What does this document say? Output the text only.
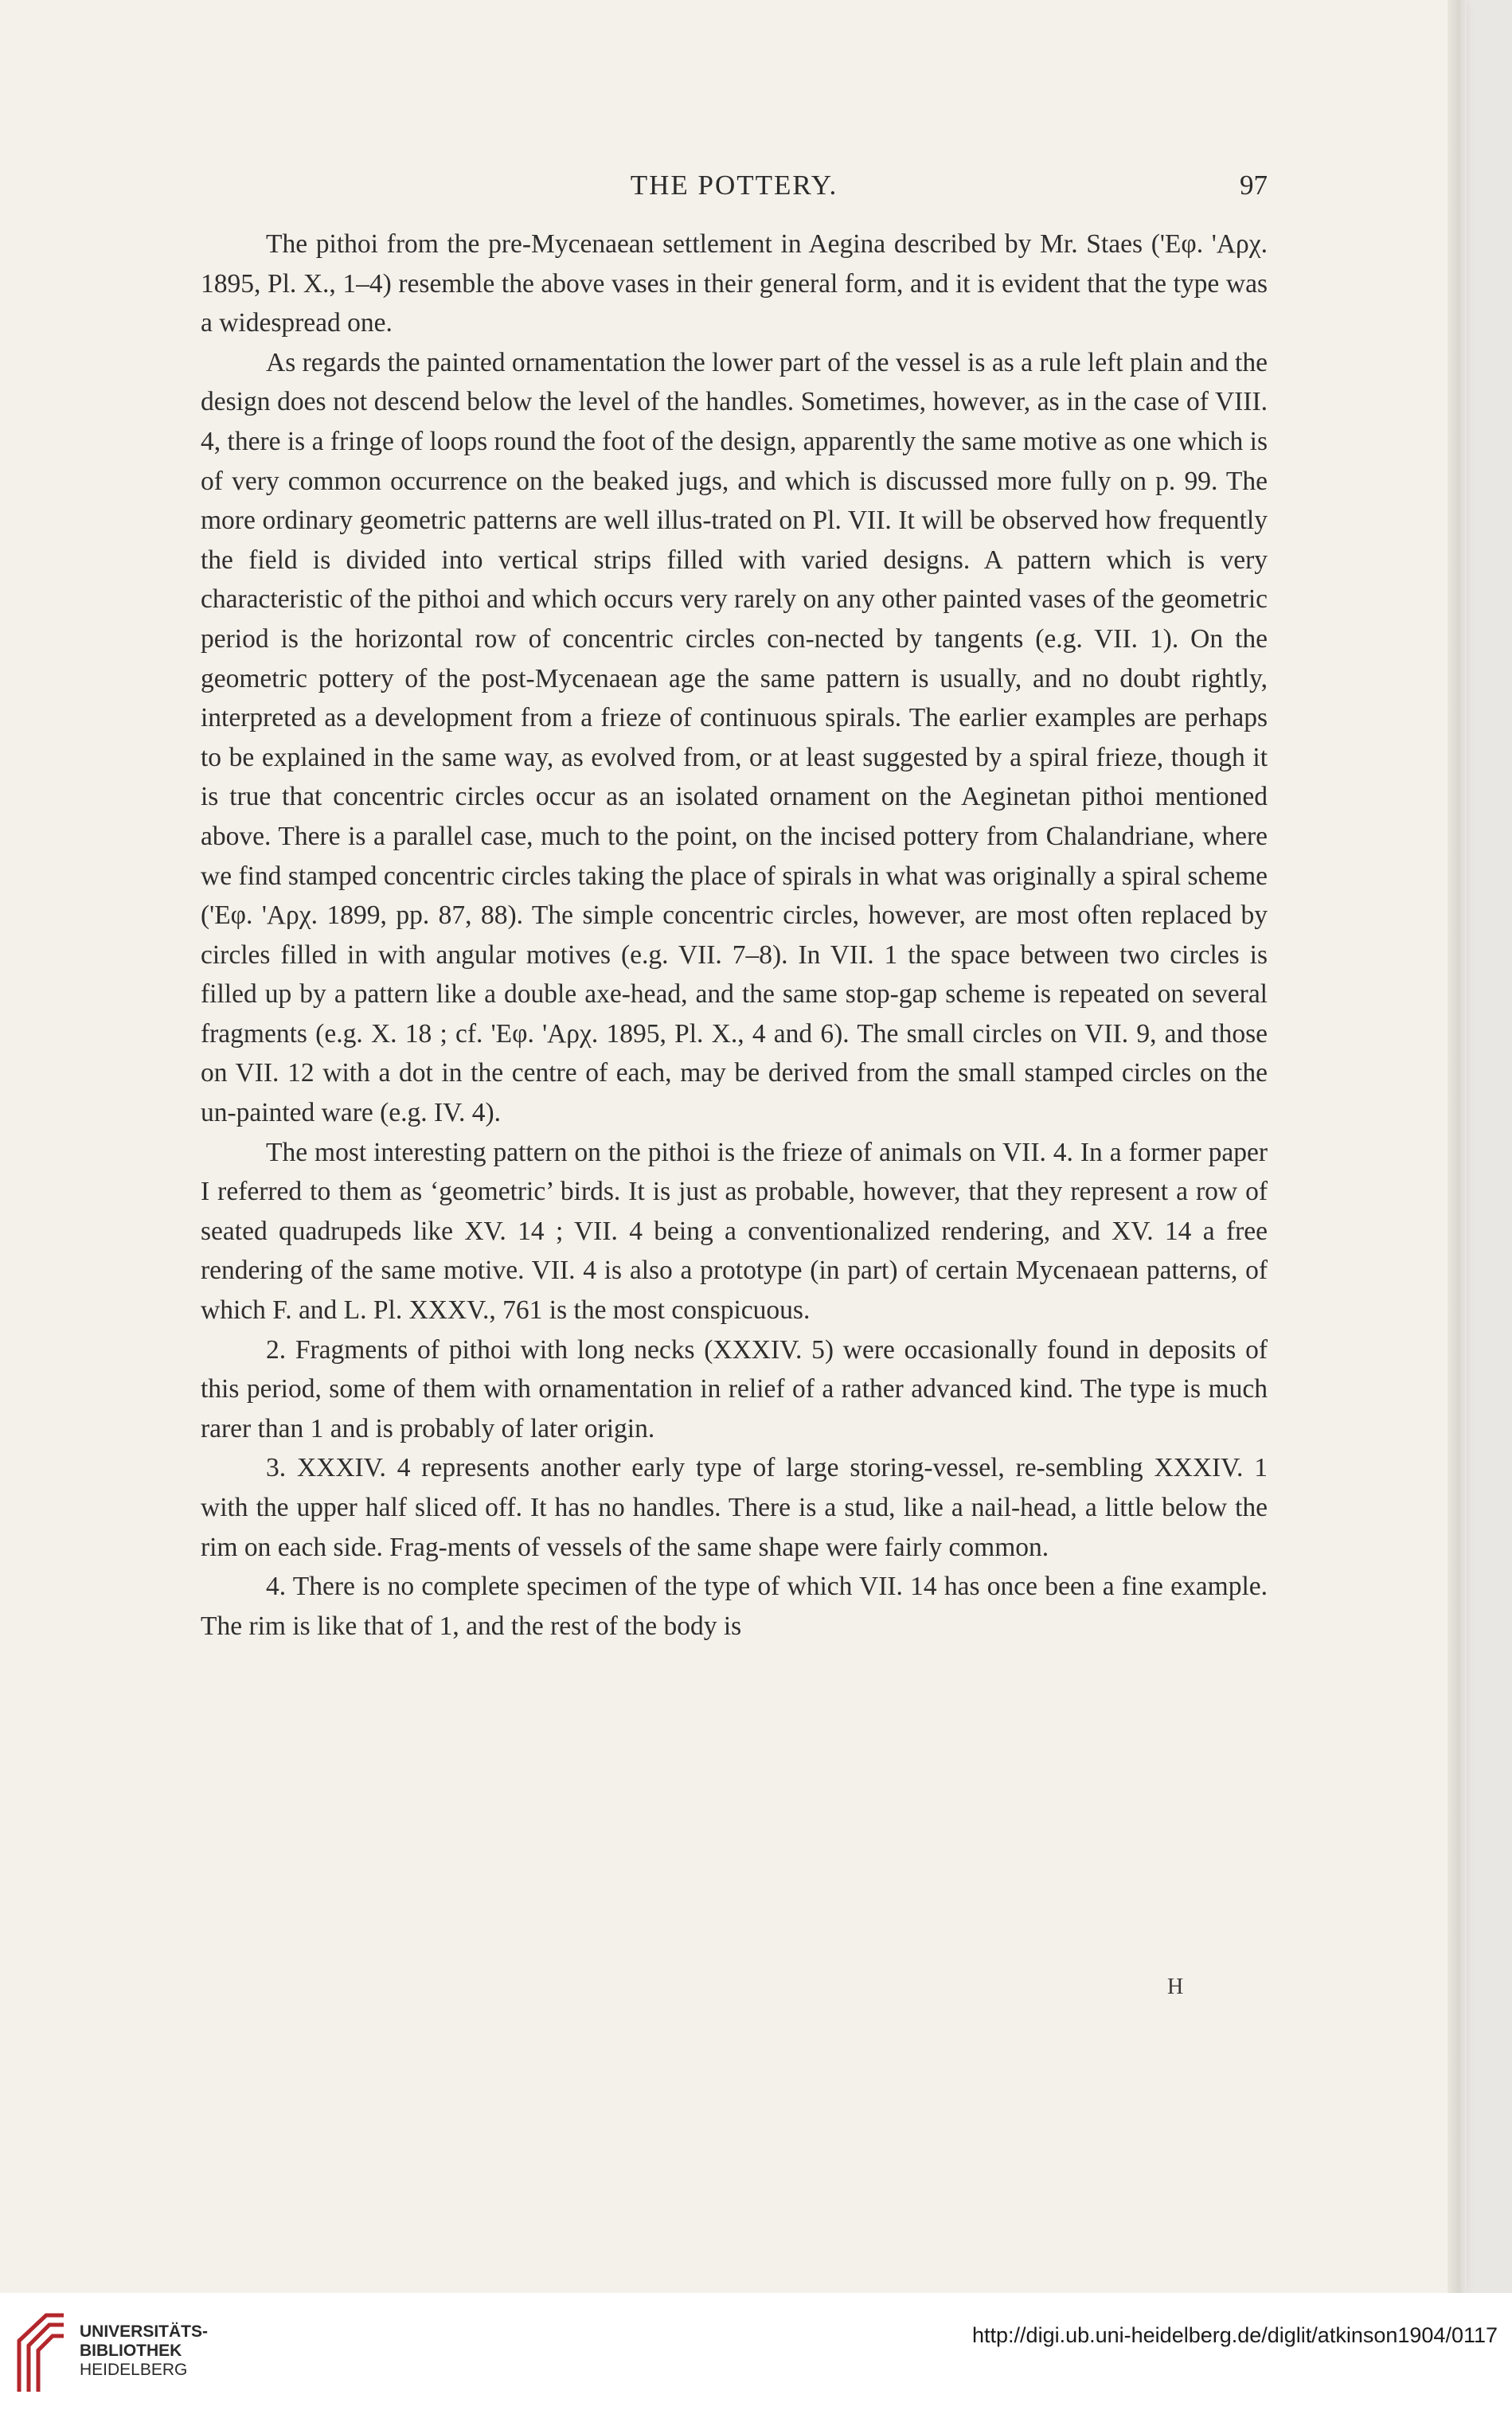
THE POTTERY.	97

The pithoi from the pre-Mycenaean settlement in Aegina described by Mr. Staes ('Εφ. 'Αρχ. 1895, Pl. X., 1–4) resemble the above vases in their general form, and it is evident that the type was a widespread one.

As regards the painted ornamentation the lower part of the vessel is as a rule left plain and the design does not descend below the level of the handles. Sometimes, however, as in the case of VIII. 4, there is a fringe of loops round the foot of the design, apparently the same motive as one which is of very common occurrence on the beaked jugs, and which is discussed more fully on p. 99. The more ordinary geometric patterns are well illus-trated on Pl. VII. It will be observed how frequently the field is divided into vertical strips filled with varied designs. A pattern which is very characteristic of the pithoi and which occurs very rarely on any other painted vases of the geometric period is the horizontal row of concentric circles con-nected by tangents (e.g. VII. 1). On the geometric pottery of the post-Mycenaean age the same pattern is usually, and no doubt rightly, interpreted as a development from a frieze of continuous spirals. The earlier examples are perhaps to be explained in the same way, as evolved from, or at least suggested by a spiral frieze, though it is true that concentric circles occur as an isolated ornament on the Aeginetan pithoi mentioned above. There is a parallel case, much to the point, on the incised pottery from Chalandriane, where we find stamped concentric circles taking the place of spirals in what was originally a spiral scheme ('Εφ. 'Αρχ. 1899, pp. 87, 88). The simple concentric circles, however, are most often replaced by circles filled in with angular motives (e.g. VII. 7–8). In VII. 1 the space between two circles is filled up by a pattern like a double axe-head, and the same stop-gap scheme is repeated on several fragments (e.g. X. 18 ; cf. 'Εφ. 'Αρχ. 1895, Pl. X., 4 and 6). The small circles on VII. 9, and those on VII. 12 with a dot in the centre of each, may be derived from the small stamped circles on the un-painted ware (e.g. IV. 4).

The most interesting pattern on the pithoi is the frieze of animals on VII. 4. In a former paper I referred to them as ‘geometric’ birds. It is just as probable, however, that they represent a row of seated quadrupeds like XV. 14 ; VII. 4 being a conventionalized rendering, and XV. 14 a free rendering of the same motive. VII. 4 is also a prototype (in part) of certain Mycenaean patterns, of which F. and L. Pl. XXXV., 761 is the most conspicuous.

2. Fragments of pithoi with long necks (XXXIV. 5) were occasionally found in deposits of this period, some of them with ornamentation in relief of a rather advanced kind. The type is much rarer than 1 and is probably of later origin.

3. XXXIV. 4 represents another early type of large storing-vessel, re-sembling XXXIV. 1 with the upper half sliced off. It has no handles. There is a stud, like a nail-head, a little below the rim on each side. Frag-ments of vessels of the same shape were fairly common.

4. There is no complete specimen of the type of which VII. 14 has once been a fine example. The rim is like that of 1, and the rest of the body is

H
UNIVERSITÄTS-
BIBLIOTHEK
HEIDELBERG
http://digi.ub.uni-heidelberg.de/diglit/atkinson1904/0117
